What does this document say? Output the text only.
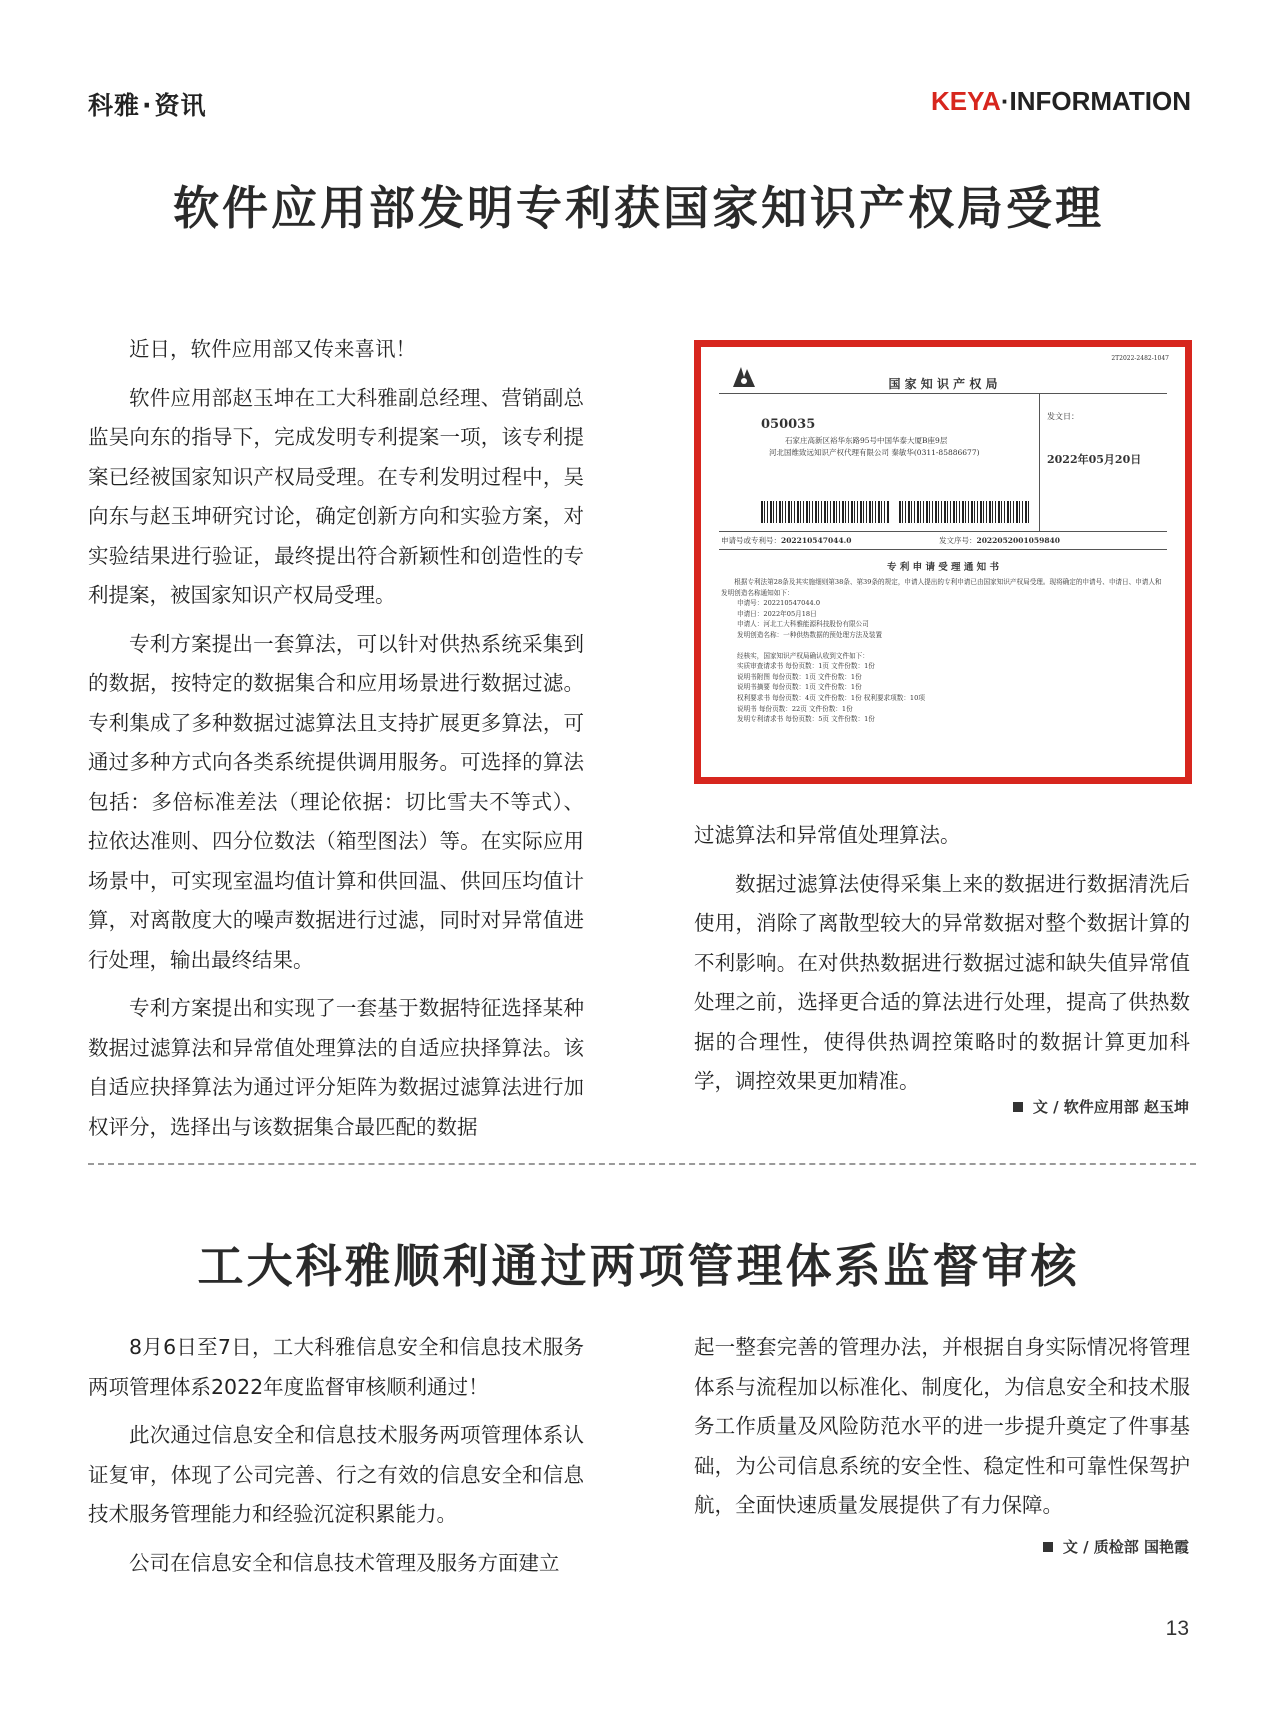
科雅·资讯	KEYA·INFORMATION
软件应用部发明专利获国家知识产权局受理

近日，软件应用部又传来喜讯！

软件应用部赵玉坤在工大科雅副总经理、营销副总监吴向东的指导下，完成发明专利提案一项，该专利提案已经被国家知识产权局受理。在专利发明过程中，吴向东与赵玉坤研究讨论，确定创新方向和实验方案，对实验结果进行验证，最终提出符合新颖性和创造性的专利提案，被国家知识产权局受理。

专利方案提出一套算法，可以针对供热系统采集到的数据，按特定的数据集合和应用场景进行数据过滤。专利集成了多种数据过滤算法且支持扩展更多算法，可通过多种方式向各类系统提供调用服务。可选择的算法包括：多倍标准差法（理论依据：切比雪夫不等式）、拉依达准则、四分位数法（箱型图法）等。在实际应用场景中，可实现室温均值计算和供回温、供回压均值计算，对离散度大的噪声数据进行过滤，同时对异常值进行处理，输出最终结果。

专利方案提出和实现了一套基于数据特征选择某种数据过滤算法和异常值处理算法的自适应抉择算法。该自适应抉择算法为通过评分矩阵为数据过滤算法进行加权评分，选择出与该数据集合最匹配的数据

2T2022-2482-1047
国 家 知 识 产 权 局
050035
石家庄高新区裕华东路95号中国华泰大厦B座9层
河北国维致远知识产权代理有限公司 秦敏华(0311-85886677)
发文日：
2022年05月20日
申请号或专利号：202210547044.0	发文序号：2022052001059840
专 利 申 请 受 理 通 知 书
根据专利法第28条及其实施细则第38条、第39条的规定，申请人提出的专利申请已由国家知识产权局受理。现将确定的申请号、申请日、申请人和发明创造名称通知如下：
申请号：202210547044.0
申请日：2022年05月18日
申请人：河北工大科雅能源科技股份有限公司
发明创造名称：一种供热数据的预处理方法及装置
经核实，国家知识产权局确认收到文件如下：
实质审查请求书 每份页数：1页 文件份数：1份
说明书附图 每份页数：1页 文件份数：1份
说明书摘要 每份页数：1页 文件份数：1份
权利要求书 每份页数：4页 文件份数：1份 权利要求项数：10项
说明书 每份页数：22页 文件份数：1份
发明专利请求书 每份页数：5页 文件份数：1份

过滤算法和异常值处理算法。

数据过滤算法使得采集上来的数据进行数据清洗后使用，消除了离散型较大的异常数据对整个数据计算的不利影响。在对供热数据进行数据过滤和缺失值异常值处理之前，选择更合适的算法进行处理，提高了供热数据的合理性，使得供热调控策略时的数据计算更加科学，调控效果更加精准。

文 / 软件应用部 赵玉坤
工大科雅顺利通过两项管理体系监督审核

8月6日至7日，工大科雅信息安全和信息技术服务两项管理体系2022年度监督审核顺利通过！

此次通过信息安全和信息技术服务两项管理体系认证复审，体现了公司完善、行之有效的信息安全和信息技术服务管理能力和经验沉淀积累能力。

公司在信息安全和信息技术管理及服务方面建立

起一整套完善的管理办法，并根据自身实际情况将管理体系与流程加以标准化、制度化，为信息安全和技术服务工作质量及风险防范水平的进一步提升奠定了件事基础，为公司信息系统的安全性、稳定性和可靠性保驾护航，全面快速质量发展提供了有力保障。

文 / 质检部 国艳霞
13
